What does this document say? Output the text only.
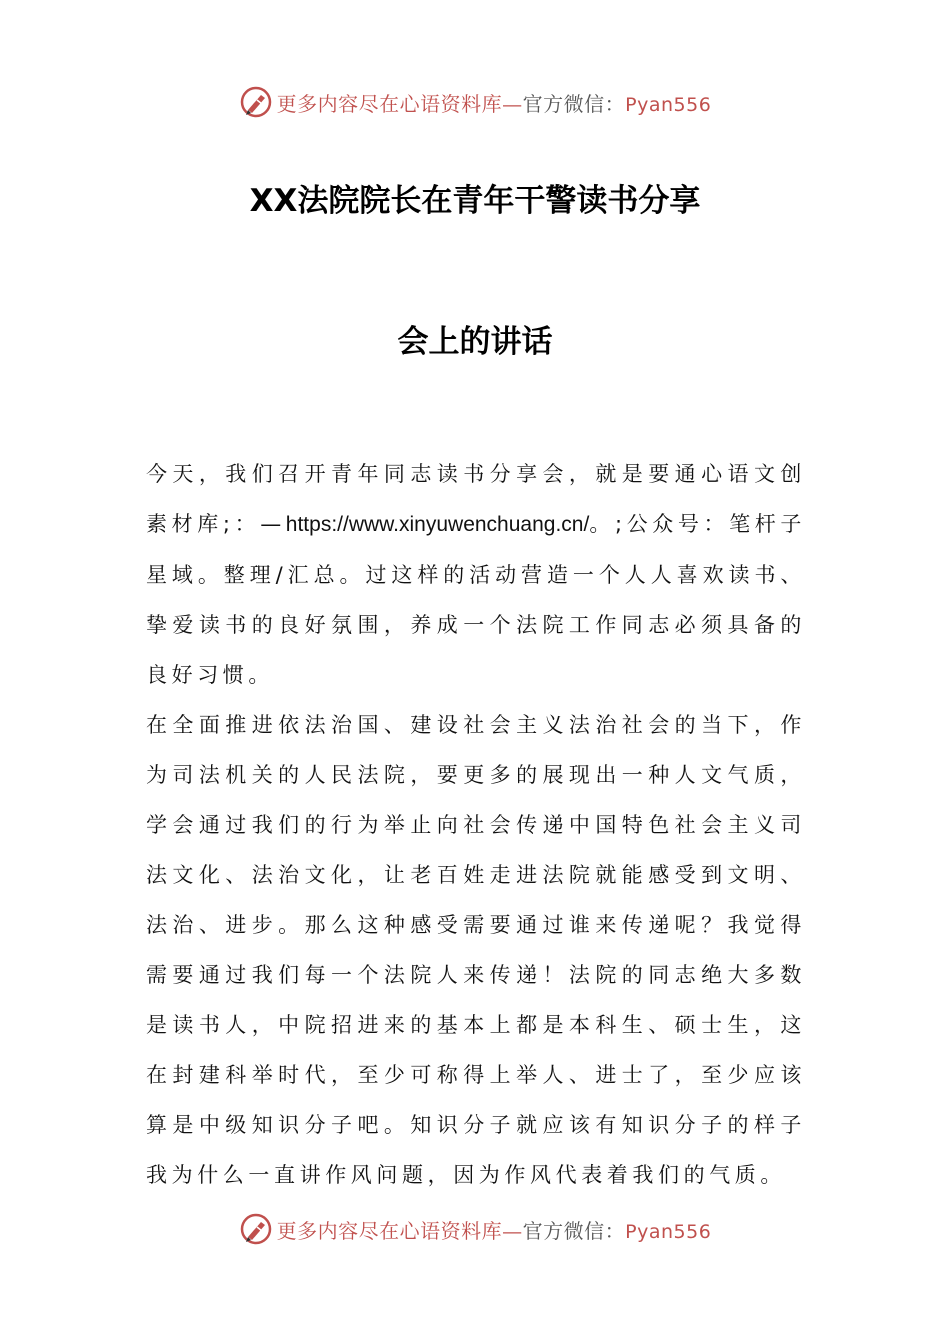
更多内容尽在心语资料库—官方微信：Pyan556
XX法院院长在青年干警读书分享
会上的讲话

今天，我们召开青年同志读书分享会，就是要通心语文创素材库;：—https://www.xinyuwenchuang.cn/。;公众号：笔杆子星域。整理/汇总。过这样的活动营造一个人人喜欢读书、挚爱读书的良好氛围，养成一个法院工作同志必须具备的良好习惯。

在全面推进依法治国、建设社会主义法治社会的当下，作为司法机关的人民法院，要更多的展现出一种人文气质，学会通过我们的行为举止向社会传递中国特色社会主义司法文化、法治文化，让老百姓走进法院就能感受到文明、法治、进步。那么这种感受需要通过谁来传递呢？我觉得需要通过我们每一个法院人来传递！法院的同志绝大多数是读书人，中院招进来的基本上都是本科生、硕士生，这在封建科举时代，至少可称得上举人、进士了，至少应该算是中级知识分子吧。知识分子就应该有知识分子的样子我为什么一直讲作风问题，因为作风代表着我们的气质。

更多内容尽在心语资料库—官方微信：Pyan556
